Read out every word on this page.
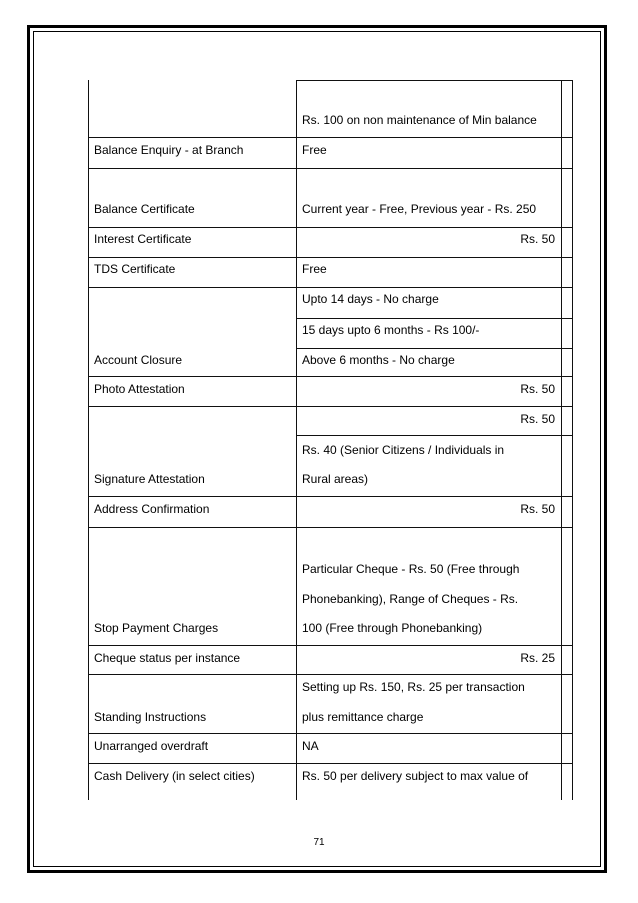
Rs. 100 on non maintenance of Min balance
Balance Enquiry - at Branch	Free
Balance Certificate	Current year - Free, Previous year - Rs. 250
Interest Certificate	Rs. 50
TDS Certificate	Free
Upto 14 days - No charge
15 days upto 6 months - Rs 100/-
Account Closure	Above 6 months - No charge
Photo Attestation	Rs. 50
Rs. 50
Rs. 40 (Senior Citizens / Individuals in
Signature Attestation	Rural areas)
Address Confirmation	Rs. 50
Particular Cheque - Rs. 50 (Free through
Phonebanking), Range of Cheques - Rs.
Stop Payment Charges	100 (Free through Phonebanking)
Cheque status per instance	Rs. 25
Setting up Rs. 150, Rs. 25 per transaction
Standing Instructions	plus remittance charge
Unarranged overdraft	NA
Cash Delivery (in select cities)	Rs. 50 per delivery subject to max value of
71
